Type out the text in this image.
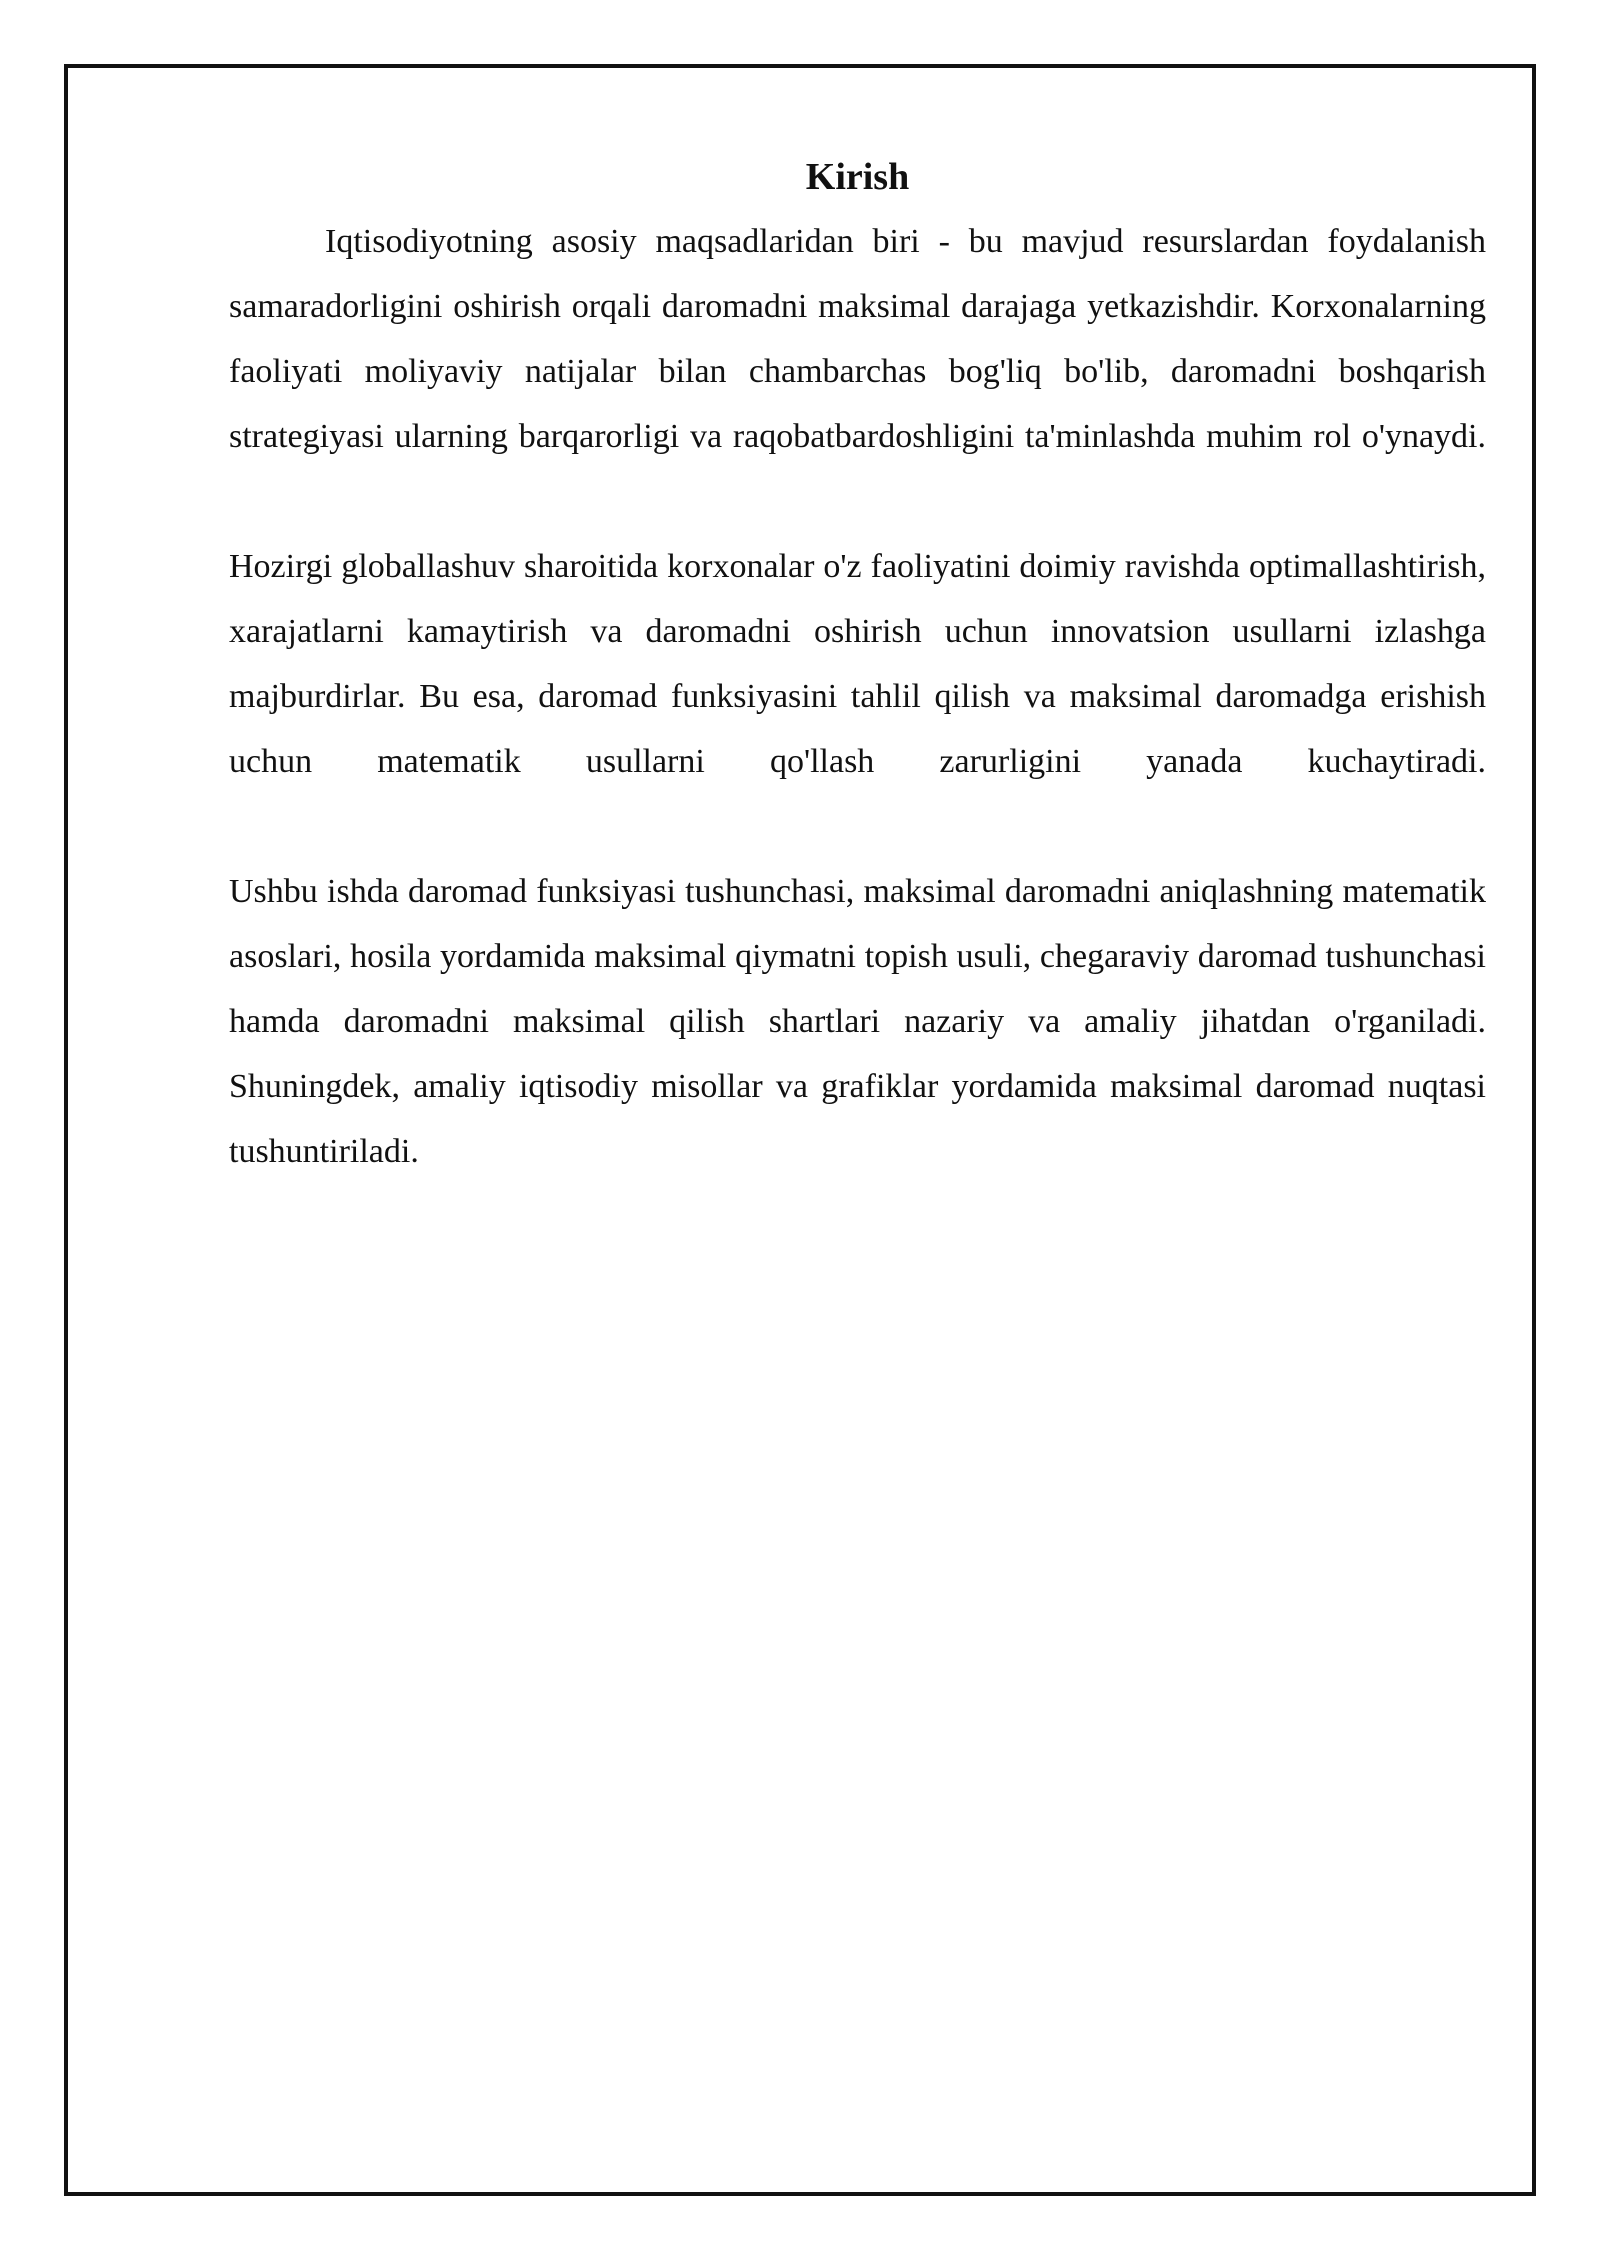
Kirish

Iqtisodiyotning asosiy maqsadlaridan biri - bu mavjud resurslardan foydalanish samaradorligini oshirish orqali daromadni maksimal darajaga yetkazishdir. Korxonalarning faoliyati moliyaviy natijalar bilan chambarchas bog'liq bo'lib, daromadni boshqarish strategiyasi ularning barqarorligi va raqobatbardoshligini ta'minlashda muhim rol o'ynaydi.

Hozirgi globallashuv sharoitida korxonalar o'z faoliyatini doimiy ravishda optimallashtirish, xarajatlarni kamaytirish va daromadni oshirish uchun innovatsion usullarni izlashga majburdirlar. Bu esa, daromad funksiyasini tahlil qilish va maksimal daromadga erishish uchun matematik usullarni qo'llash zarurligini yanada kuchaytiradi.

Ushbu ishda daromad funksiyasi tushunchasi, maksimal daromadni aniqlashning matematik asoslari, hosila yordamida maksimal qiymatni topish usuli, chegaraviy daromad tushunchasi hamda daromadni maksimal qilish shartlari nazariy va amaliy jihatdan o'rganiladi. Shuningdek, amaliy iqtisodiy misollar va grafiklar yordamida maksimal daromad nuqtasi tushuntiriladi.
